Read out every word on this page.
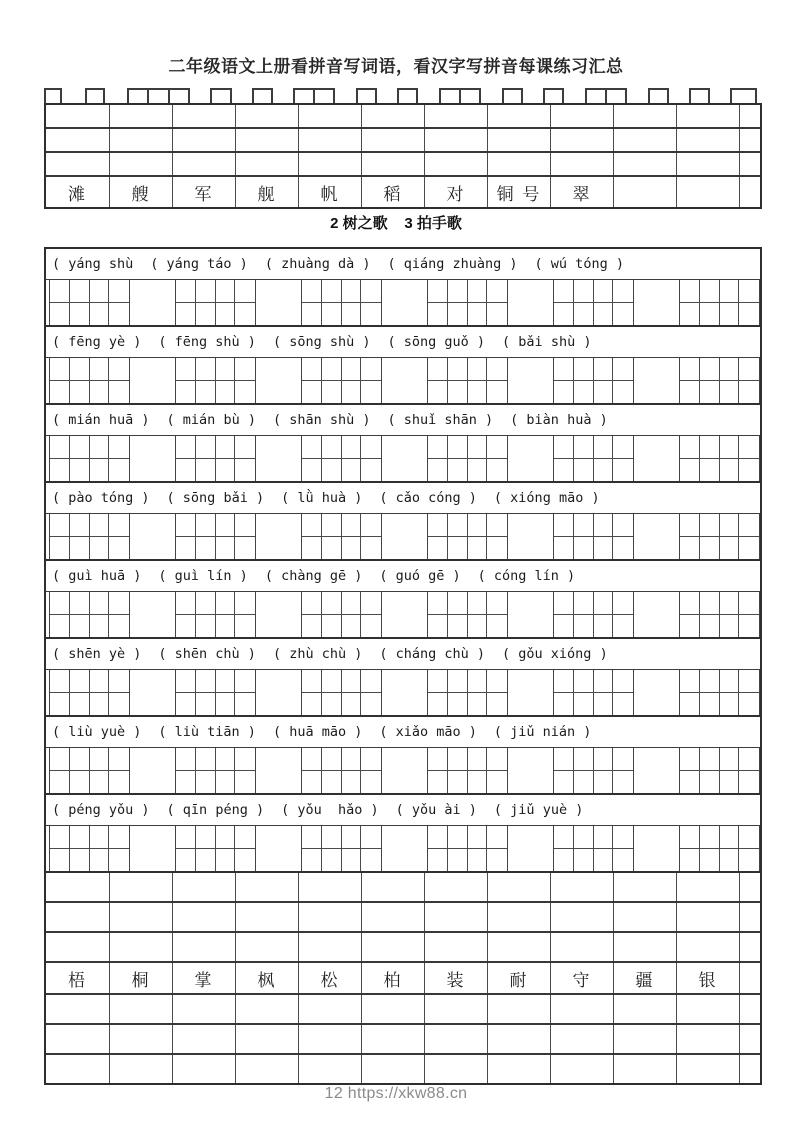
二年级语文上册看拼音写词语，看汉字写拼音每课练习汇总
滩	艘	军	舰	帆	稻	对	铜 号	翠
2 树之歌    3 拍手歌
( yáng shù ( yáng táo ) ( zhuàng dà ) ( qiáng zhuàng ) ( wú tóng )
( fēng yè ) ( fēng shù ) ( sōng shù ) ( sōng guǒ ) ( bǎi shù )
( mián huā ) ( mián bù ) ( shān shù ) ( shuǐ shān ) ( biàn huà )
( pào tóng ) ( sōng bǎi ) ( lǜ huà ) ( cǎo cóng ) ( xióng māo )
( guì huā ) ( guì lín ) ( chàng gē ) ( guó gē ) ( cóng lín )
( shēn yè ) ( shēn chù ) ( zhù chù ) ( cháng chù ) ( gǒu xióng )
( liù yuè ) ( liù tiān ) ( huā māo ) ( xiǎo māo ) ( jiǔ nián )
( péng yǒu ) ( qīn péng ) ( yǒu  hǎo ) ( yǒu ài ) ( jiǔ yuè )
梧	桐	掌	枫	松	柏	装	耐	守	疆	银
12 https://xkw88.cn
